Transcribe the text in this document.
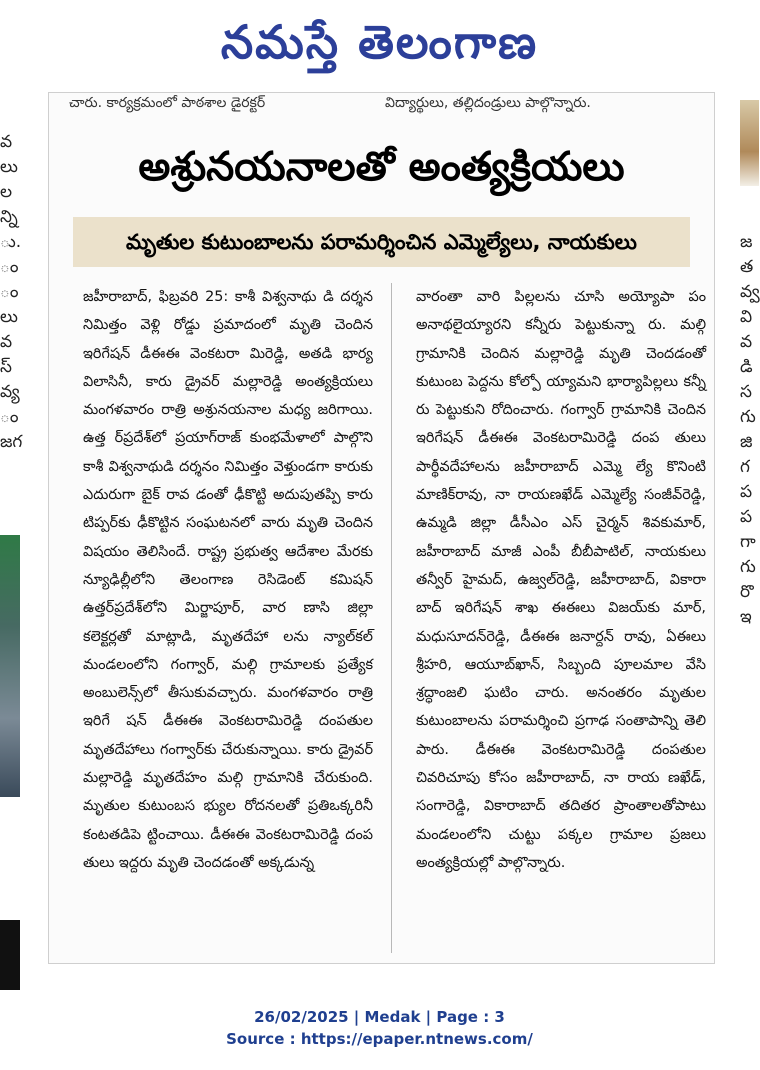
నమస్తే తెలంగాణ
వ
లు
ల
న్ని
ు.
ం
ం
లు
వ
స్
వ్య
ం
జగ
జ
త
వ్వ
వి
వ
డి
స
గు
జి
గ
ప
ప
గా
గు
రొ
ఇ
చారు. కార్యక్రమంలో పాఠశాల డైరక్టర్	విద్యార్థులు, తల్లిదండ్రులు పాల్గొన్నారు.
అశ్రునయనాలతో అంత్యక్రియలు
మృతుల కుటుంబాలను పరామర్శించిన ఎమ్మెల్యేలు, నాయకులు
జహీరాబాద్, ఫిబ్రవరి 25: కాశీ విశ్వనాథు డి దర్శన నిమిత్తం వెళ్లి రోడ్డు ప్రమాదంలో మృతి చెందిన ఇరిగేషన్ డీఈఈ వెంకటరా మిరెడ్డి, అతడి భార్య విలాసినీ, కారు డ్రైవర్ మల్లారెడ్డి అంత్యక్రియలు మంగళవారం రాత్రి అశ్రునయనాల మధ్య జరిగాయి. ఉత్త ర్‌ప్రదేశ్‌లో ప్రయాగ్‌రాజ్ కుంభమేళాలో పాల్గొని కాశీ విశ్వనాథుడి దర్శనం నిమిత్తం వెళ్తుండగా కారుకు ఎదురుగా బైక్ రావ డంతో ఢీకొట్టి అదుపుతప్పి కారు టిప్పర్‌కు ఢీకొట్టిన సంఘటనలో వారు మృతి చెందిన విషయం తెలిసిందే. రాష్ట్ర ప్రభుత్వ ఆదేశాల మేరకు న్యూఢిల్లీలోని తెలంగాణ రెసిడెంట్ కమిషన్ ఉత్తర్‌ప్రదేశ్‌లోని మిర్జాపూర్, వార ణాసి జిల్లా కలెక్టర్లతో మాట్లాడి, మృతదేహా లను న్యాల్‌కల్ మండలంలోని గంగ్వార్, మల్గి గ్రామాలకు ప్రత్యేక అంబులెన్స్‌లో తీసుకువచ్చారు. మంగళవారం రాత్రి ఇరిగే షన్ డీఈఈ వెంకటరామిరెడ్డి దంపతుల మృతదేహాలు గంగ్వార్‌కు చేరుకున్నాయి. కారు డ్రైవర్ మల్లారెడ్డి మృతదేహం మల్గి గ్రామానికి చేరుకుంది. మృతుల కుటుంబస భ్యుల రోదనలతో ప్రతిఒక్కరినీ కంటతడిపె ట్టించాయి. డీఈఈ వెంకటరామిరెడ్డి దంప తులు ఇద్దరు మృతి చెందడంతో అక్కడున్న
వారంతా వారి పిల్లలను చూసి అయ్యోపా పం అనాథలైయ్యారని కన్నీరు పెట్టుకున్నా రు. మల్గి గ్రామానికి చెందిన మల్లారెడ్డి మృతి చెందడంతో కుటుంబ పెద్దను కోల్పో య్యామని భార్యాపిల్లలు కన్నీ రు పెట్టుకుని రోదించారు. గంగ్వార్ గ్రామానికి చెందిన ఇరిగేషన్ డీఈఈ వెంకటరామిరెడ్డి దంప తులు పార్థీవదేహాలను జహీరాబాద్ ఎమ్మె ల్యే కొనింటి మాణిక్‌రావు, నా రాయణఖేడ్ ఎమ్మెల్యే సంజీవ్‌రెడ్డి, ఉమ్మడి జిల్లా డీసీఎం ఎస్ చైర్మన్ శివకుమార్, జహీరాబాద్ మాజీ ఎంపీ బీబీపాటిల్, నాయకులు తన్వీర్ హైమద్, ఉజ్వల్‌రెడ్డి, జహీరాబాద్, వికారా బాద్ ఇరిగేషన్ శాఖ ఈఈలు విజయ్‌కు మార్, మధుసూదన్‌రెడ్డి, డీఈఈ జనార్దన్ రావు, ఏఈలు శ్రీహరి, ఆయూబ్‌ఖాన్, సిబ్బంది పూలమాల వేసి శ్రద్ధాంజలి ఘటిం చారు. అనంతరం మృతుల కుటుంబాలను పరామర్శించి ప్రగాఢ సంతాపాన్ని తెలి పారు. డీఈఈ వెంకటరామిరెడ్డి దంపతుల చివరిచూపు కోసం జహీరాబాద్, నా రాయ ణఖేడ్, సంగారెడ్డి, వికారాబాద్ తదితర ప్రాంతాలతోపాటు మండలంలోని చుట్టు పక్కల గ్రామాల ప్రజలు అంత్యక్రియల్లో పాల్గొన్నారు.
26/02/2025 | Medak | Page : 3
Source : https://epaper.ntnews.com/
